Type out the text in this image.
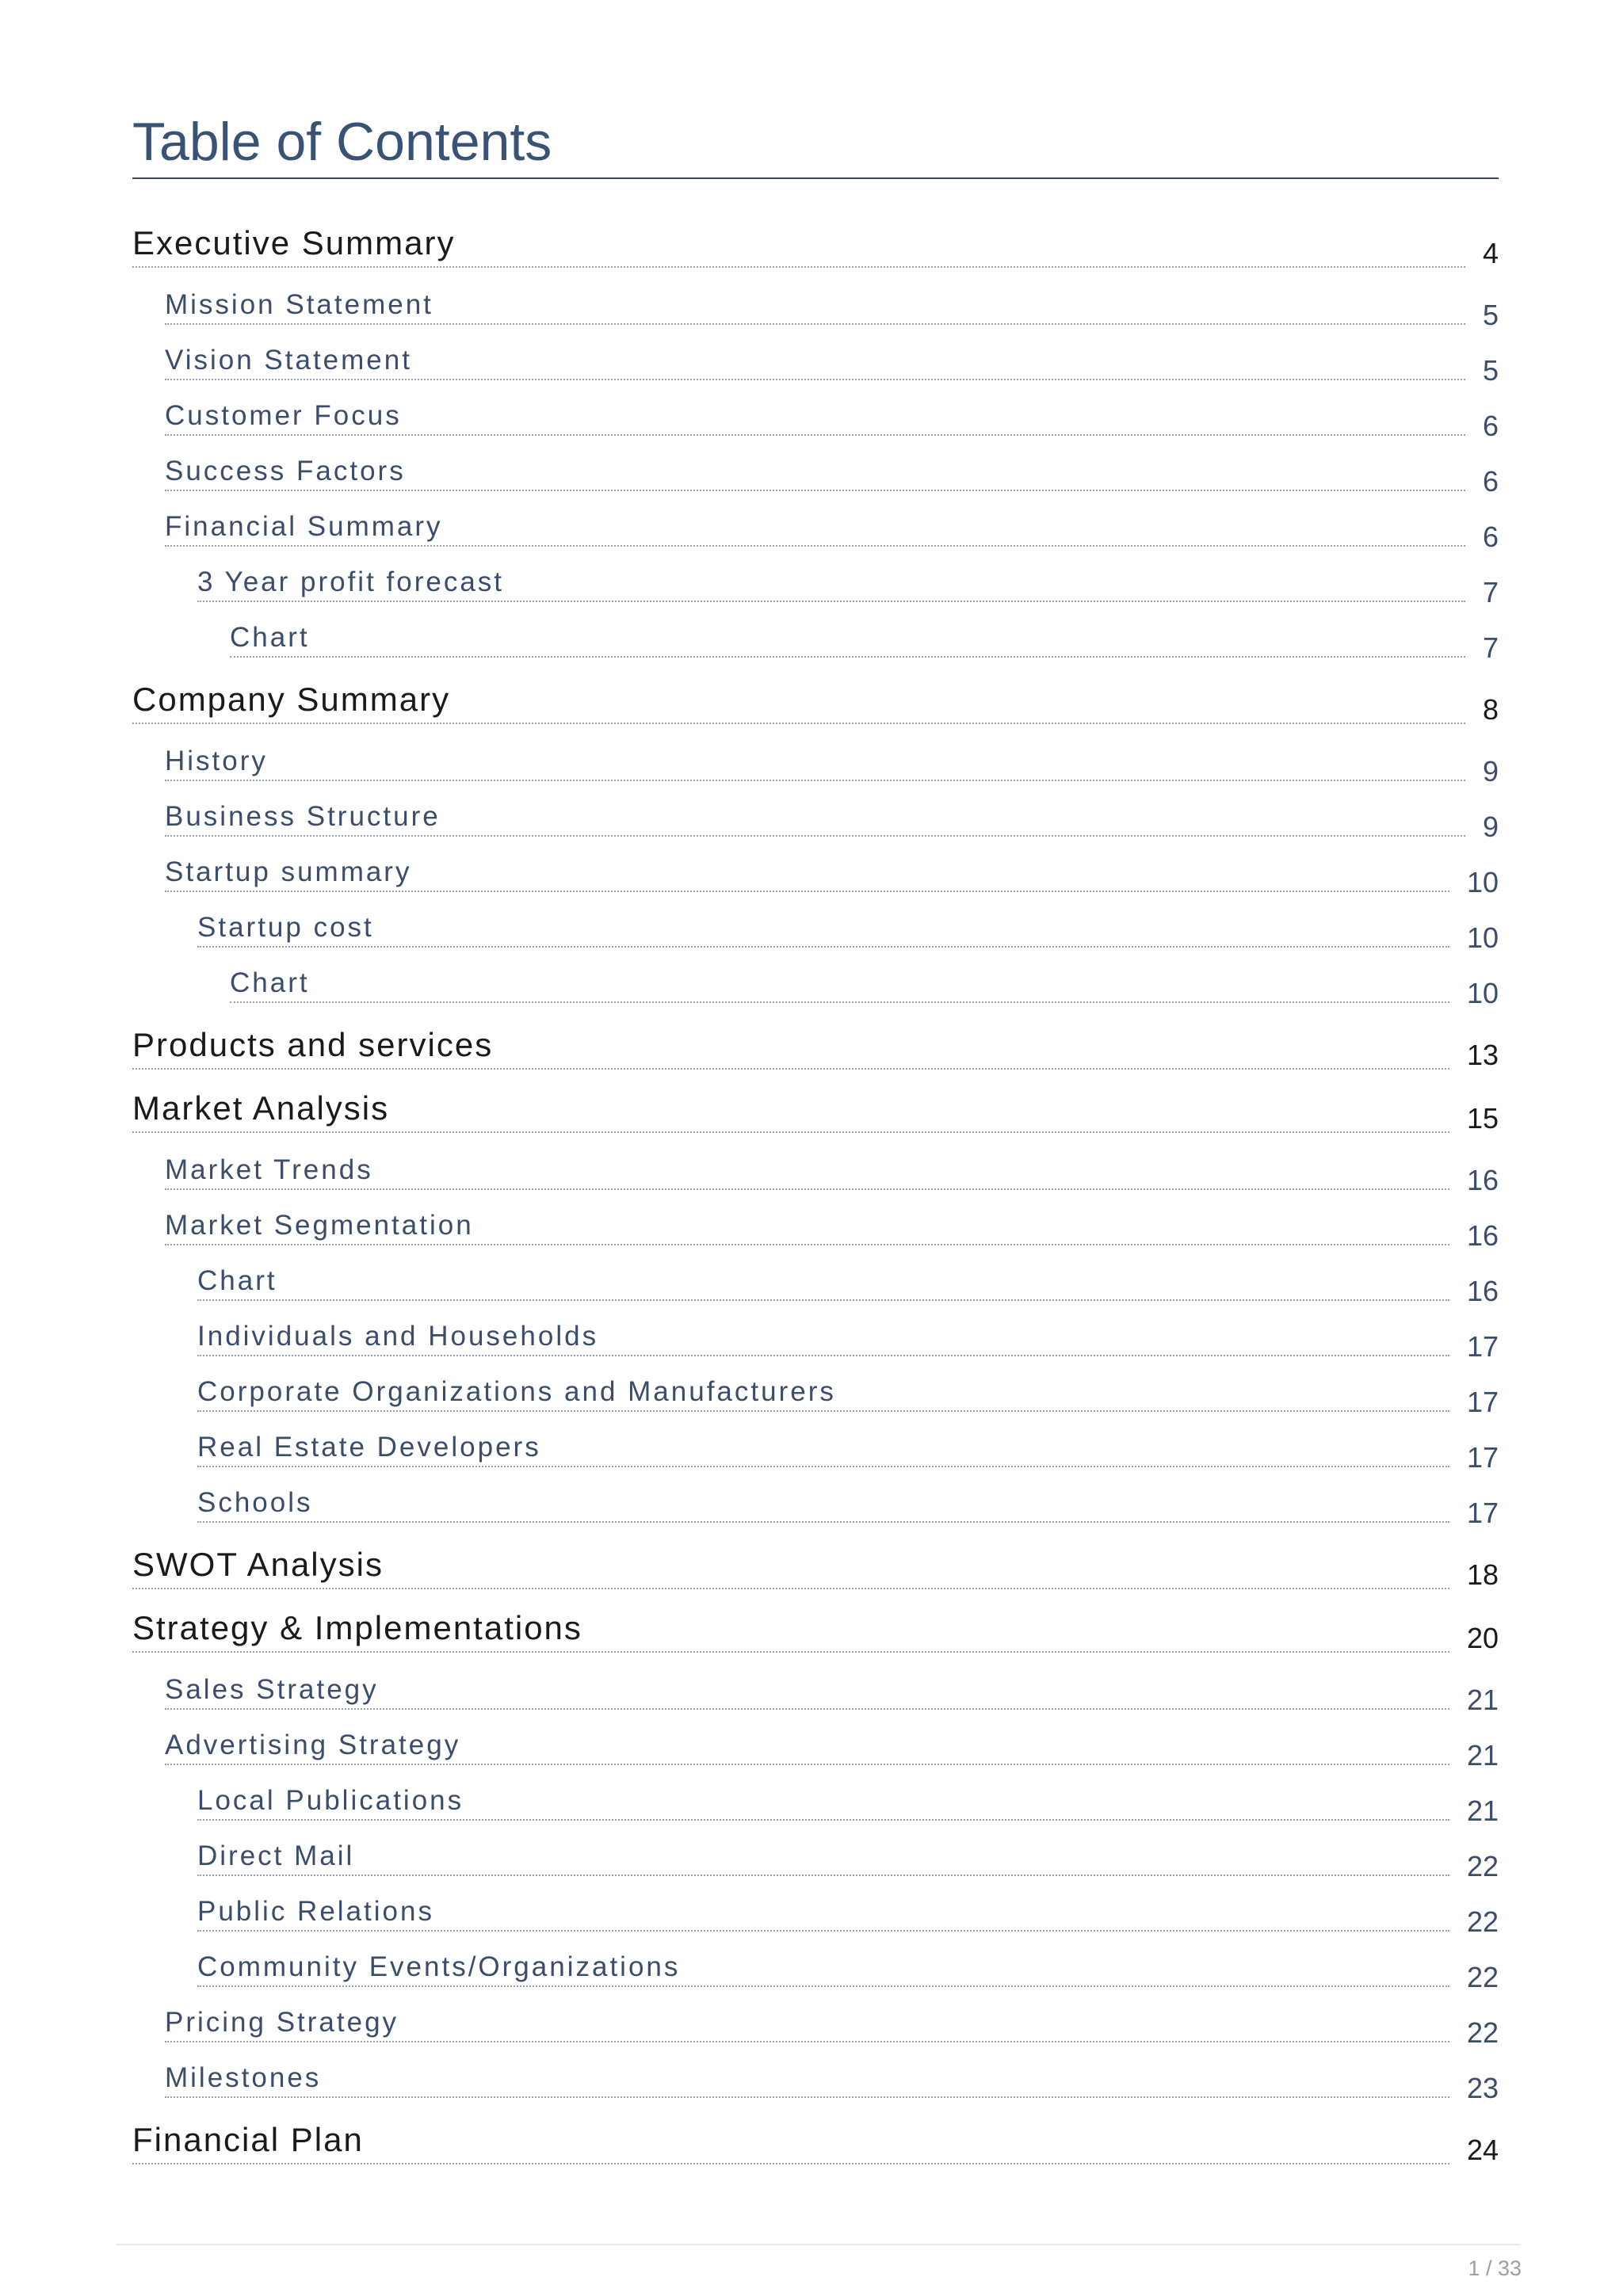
Table of Contents
Executive Summary	4
Mission Statement	5
Vision Statement	5
Customer Focus	6
Success Factors	6
Financial Summary	6
3 Year profit forecast	7
Chart	7
Company Summary	8
History	9
Business Structure	9
Startup summary	10
Startup cost	10
Chart	10
Products and services	13
Market Analysis	15
Market Trends	16
Market Segmentation	16
Chart	16
Individuals and Households	17
Corporate Organizations and Manufacturers	17
Real Estate Developers	17
Schools	17
SWOT Analysis	18
Strategy & Implementations	20
Sales Strategy	21
Advertising Strategy	21
Local Publications	21
Direct Mail	22
Public Relations	22
Community Events/Organizations	22
Pricing Strategy	22
Milestones	23
Financial Plan	24
1 / 33
